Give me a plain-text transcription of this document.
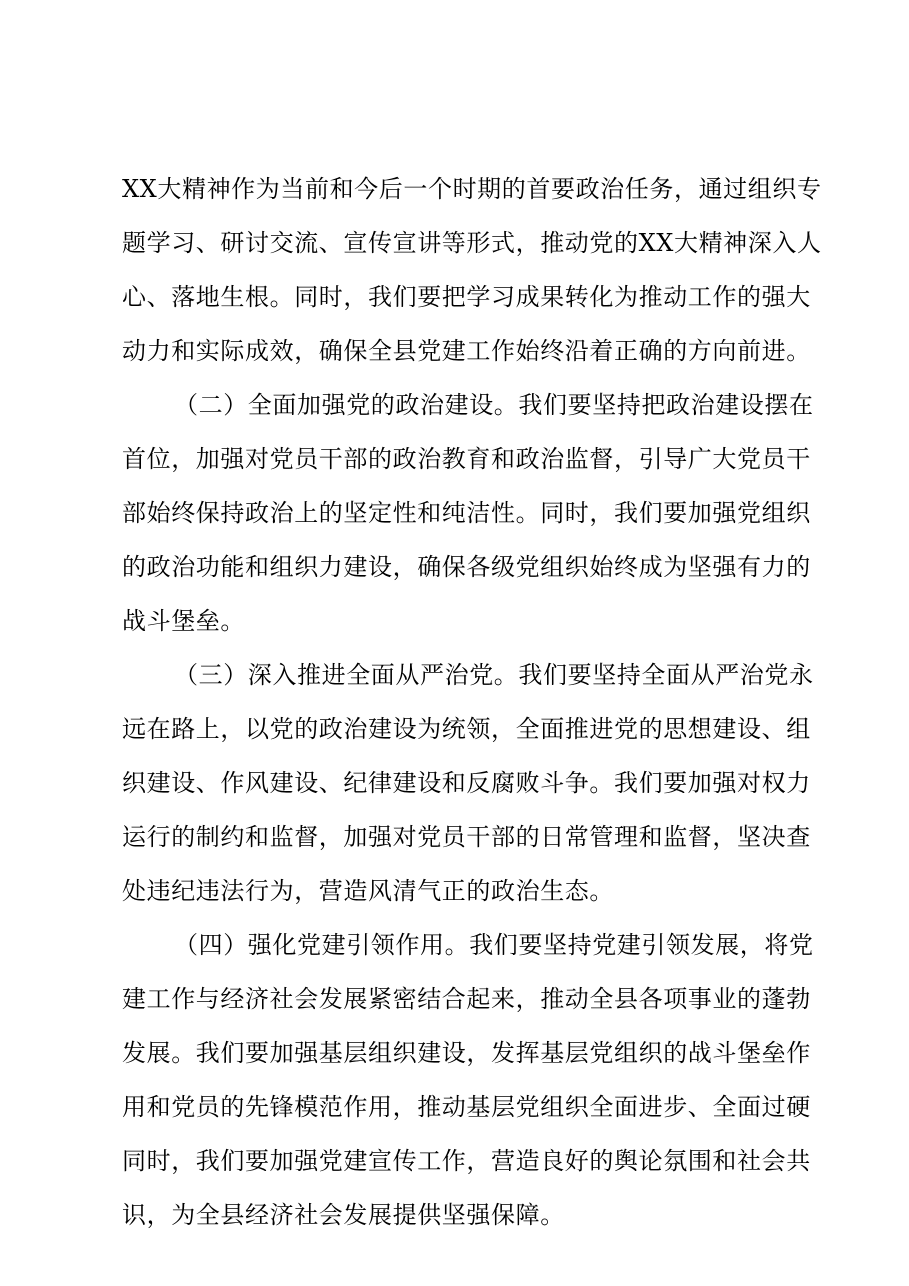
XX大精神作为当前和今后一个时期的首要政治任务，通过组织专
题学习、研讨交流、宣传宣讲等形式，推动党的XX大精神深入人
心、落地生根。同时，我们要把学习成果转化为推动工作的强大
动力和实际成效，确保全县党建工作始终沿着正确的方向前进。
（二）全面加强党的政治建设。我们要坚持把政治建设摆在
首位，加强对党员干部的政治教育和政治监督，引导广大党员干
部始终保持政治上的坚定性和纯洁性。同时，我们要加强党组织
的政治功能和组织力建设，确保各级党组织始终成为坚强有力的
战斗堡垒。
（三）深入推进全面从严治党。我们要坚持全面从严治党永
远在路上，以党的政治建设为统领，全面推进党的思想建设、组
织建设、作风建设、纪律建设和反腐败斗争。我们要加强对权力
运行的制约和监督，加强对党员干部的日常管理和监督，坚决查
处违纪违法行为，营造风清气正的政治生态。
（四）强化党建引领作用。我们要坚持党建引领发展，将党
建工作与经济社会发展紧密结合起来，推动全县各项事业的蓬勃
发展。我们要加强基层组织建设，发挥基层党组织的战斗堡垒作
用和党员的先锋模范作用，推动基层党组织全面进步、全面过硬
同时，我们要加强党建宣传工作，营造良好的舆论氛围和社会共
识，为全县经济社会发展提供坚强保障。
